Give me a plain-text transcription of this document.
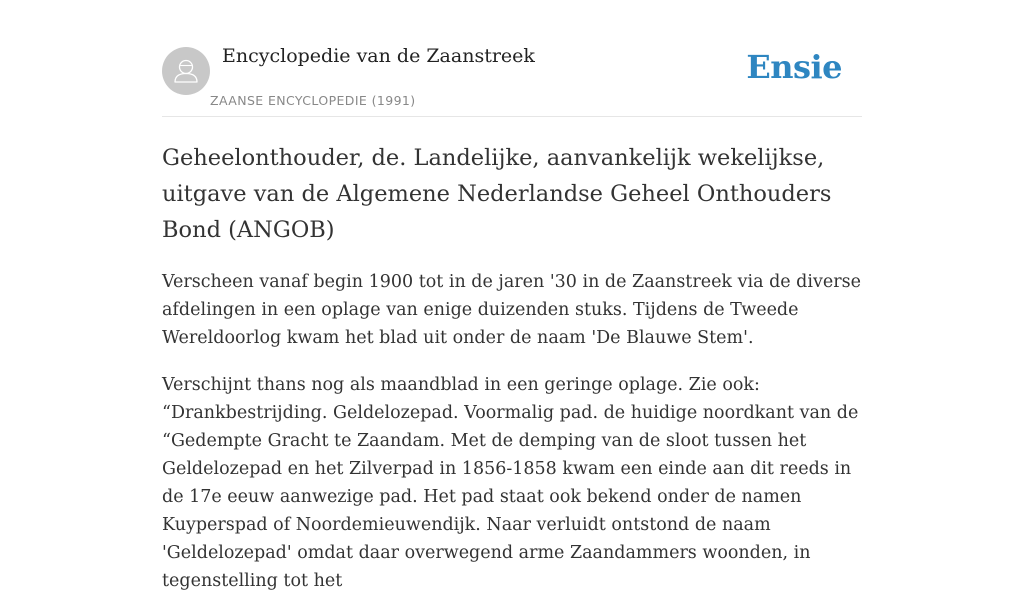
Encyclopedie van de Zaanstreek
ZAANSE ENCYCLOPEDIE (1991)
Ensie
Geheelonthouder, de. Landelijke, aanvankelijk wekelijkse, uitgave van de Algemene Nederlandse Geheel Onthouders Bond (ANGOB)

Verscheen vanaf begin 1900 tot in de jaren '30 in de Zaanstreek via de diverse afdelingen in een oplage van enige duizenden stuks. Tijdens de Tweede Wereldoorlog kwam het blad uit onder de naam 'De Blauwe Stem'.

Verschijnt thans nog als maandblad in een geringe oplage. Zie ook: “Drankbestrijding. Geldelozepad. Voormalig pad. de huidige noordkant van de “Gedempte Gracht te Zaandam. Met de demping van de sloot tussen het Geldelozepad en het Zilverpad in 1856-1858 kwam een einde aan dit reeds in de 17e eeuw aanwezige pad. Het pad staat ook bekend onder de namen Kuyperspad of Noordemieuwendijk. Naar verluidt ontstond de naam 'Geldelozepad' omdat daar overwegend arme Zaandammers woonden, in tegenstelling tot het
